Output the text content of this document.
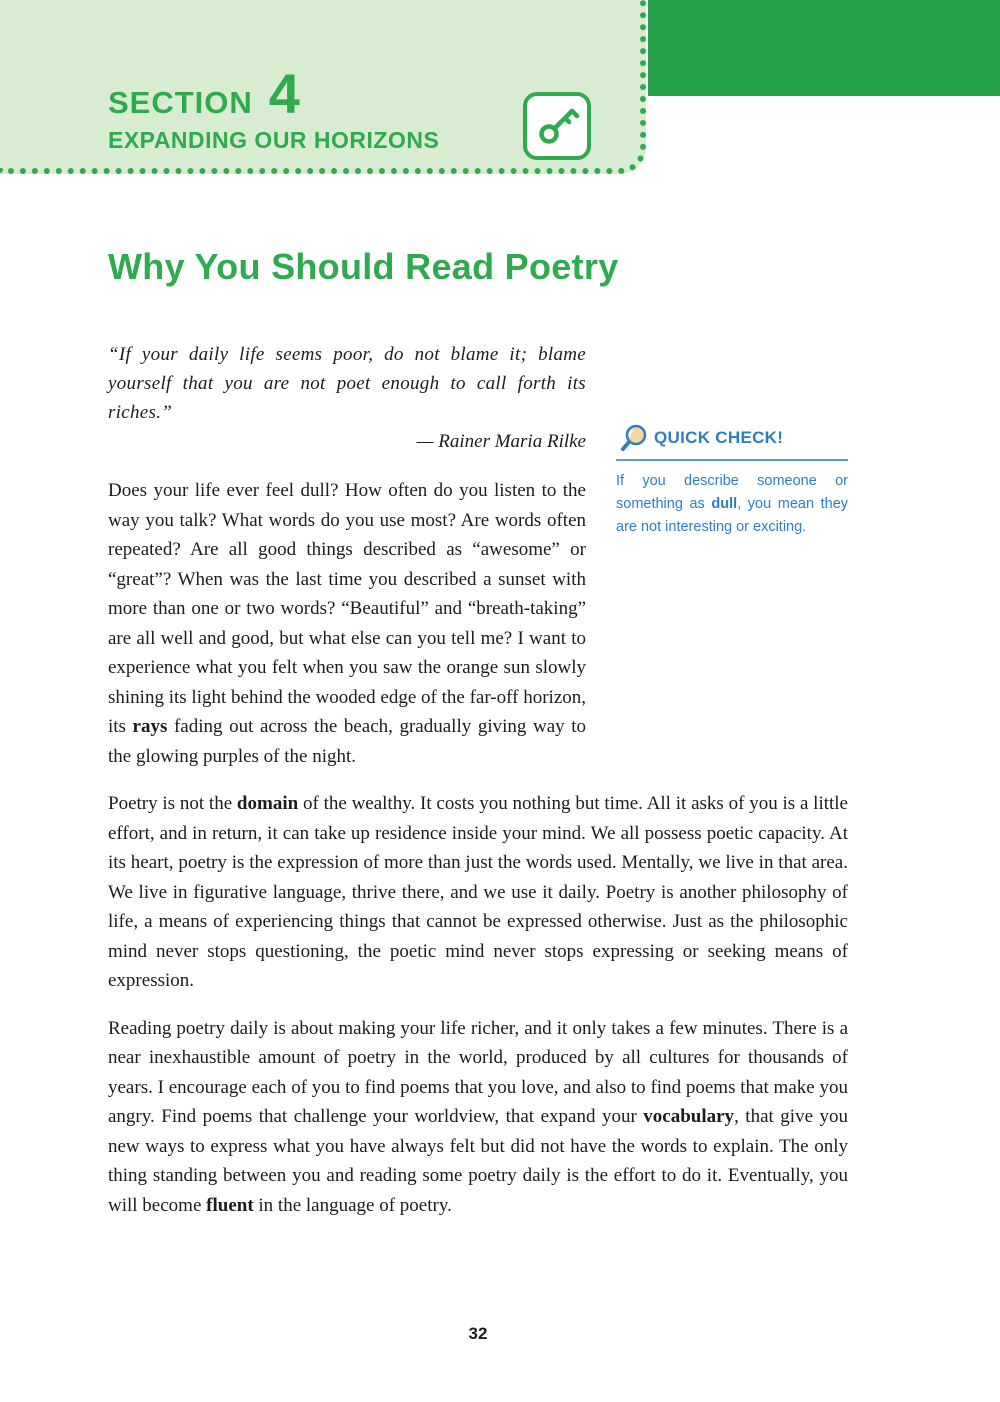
SECTION 4
EXPANDING OUR HORIZONS
Why You Should Read Poetry

“If your daily life seems poor, do not blame it; blame yourself that you are not poet enough to call forth its riches.”

— Rainer Maria Rilke

Does your life ever feel dull? How often do you listen to the way you talk? What words do you use most? Are words often repeated? Are all good things described as “awesome” or “great”? When was the last time you described a sunset with more than one or two words? “Beautiful” and “breath-taking” are all well and good, but what else can you tell me? I want to experience what you felt when you saw the orange sun slowly shining its light behind the wooded edge of the far-off horizon, its rays fading out across the beach, gradually giving way to the glowing purples of the night.

QUICK CHECK!

If you describe someone or something as dull, you mean they are not interesting or exciting.

Poetry is not the domain of the wealthy. It costs you nothing but time. All it asks of you is a little effort, and in return, it can take up residence inside your mind. We all possess poetic capacity. At its heart, poetry is the expression of more than just the words used. Mentally, we live in that area. We live in figurative language, thrive there, and we use it daily. Poetry is another philosophy of life, a means of experiencing things that cannot be expressed otherwise. Just as the philosophic mind never stops questioning, the poetic mind never stops expressing or seeking means of expression.

Reading poetry daily is about making your life richer, and it only takes a few minutes. There is a near inexhaustible amount of poetry in the world, produced by all cultures for thousands of years. I encourage each of you to find poems that you love, and also to find poems that make you angry. Find poems that challenge your worldview, that expand your vocabulary, that give you new ways to express what you have always felt but did not have the words to explain. The only thing standing between you and reading some poetry daily is the effort to do it. Eventually, you will become fluent in the language of poetry.

32
